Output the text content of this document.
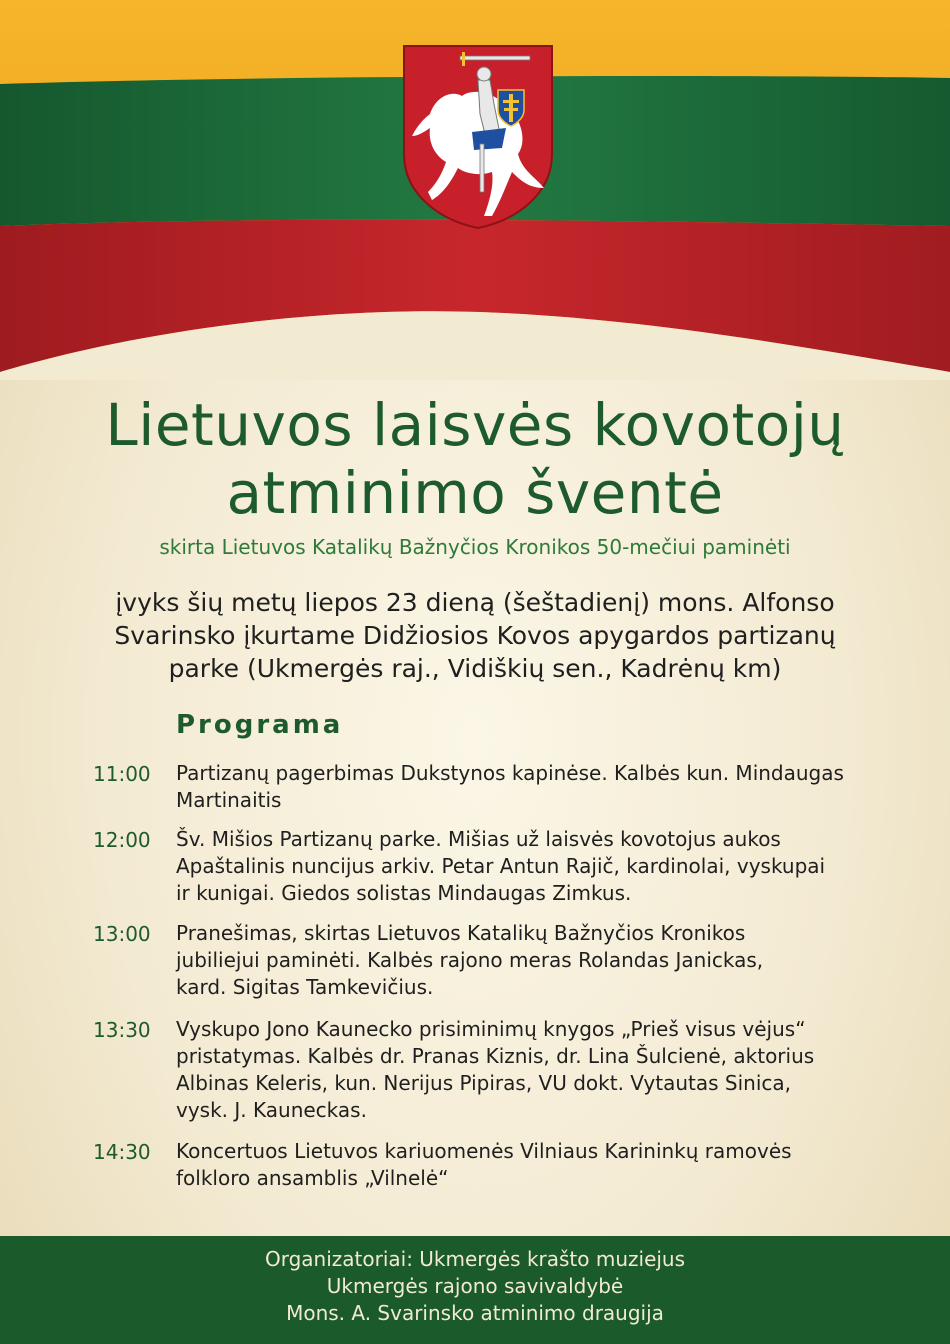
Lietuvos laisvės kovotojų
atminimo šventė
skirta Lietuvos Katalikų Bažnyčios Kronikos 50-mečiui paminėti
įvyks šių metų liepos 23 dieną (šeštadienį) mons. Alfonso
Svarinsko įkurtame Didžiosios Kovos apygardos partizanų
parke (Ukmergės raj., Vidiškių sen., Kadrėnų km)
Programa
11:00	Partizanų pagerbimas Dukstynos kapinėse. Kalbės kun. Mindaugas
Martinaitis
12:00	Šv. Mišios Partizanų parke. Mišias už laisvės kovotojus aukos
Apaštalinis nuncijus arkiv. Petar Antun Rajič, kardinolai, vyskupai
ir kunigai. Giedos solistas Mindaugas Zimkus.
13:00	Pranešimas, skirtas Lietuvos Katalikų Bažnyčios Kronikos
jubiliejui paminėti. Kalbės rajono meras Rolandas Janickas,
kard. Sigitas Tamkevičius.
13:30	Vyskupo Jono Kaunecko prisiminimų knygos „Prieš visus vėjus“
pristatymas. Kalbės dr. Pranas Kiznis, dr. Lina Šulcienė, aktorius
Albinas Keleris, kun. Nerijus Pipiras, VU dokt. Vytautas Sinica,
vysk. J. Kauneckas.
14:30	Koncertuos Lietuvos kariuomenės Vilniaus Karininkų ramovės
folkloro ansamblis „Vilnelė“
Organizatoriai: Ukmergės krašto muziejus
Ukmergės rajono savivaldybė
Mons. A. Svarinsko atminimo draugija
